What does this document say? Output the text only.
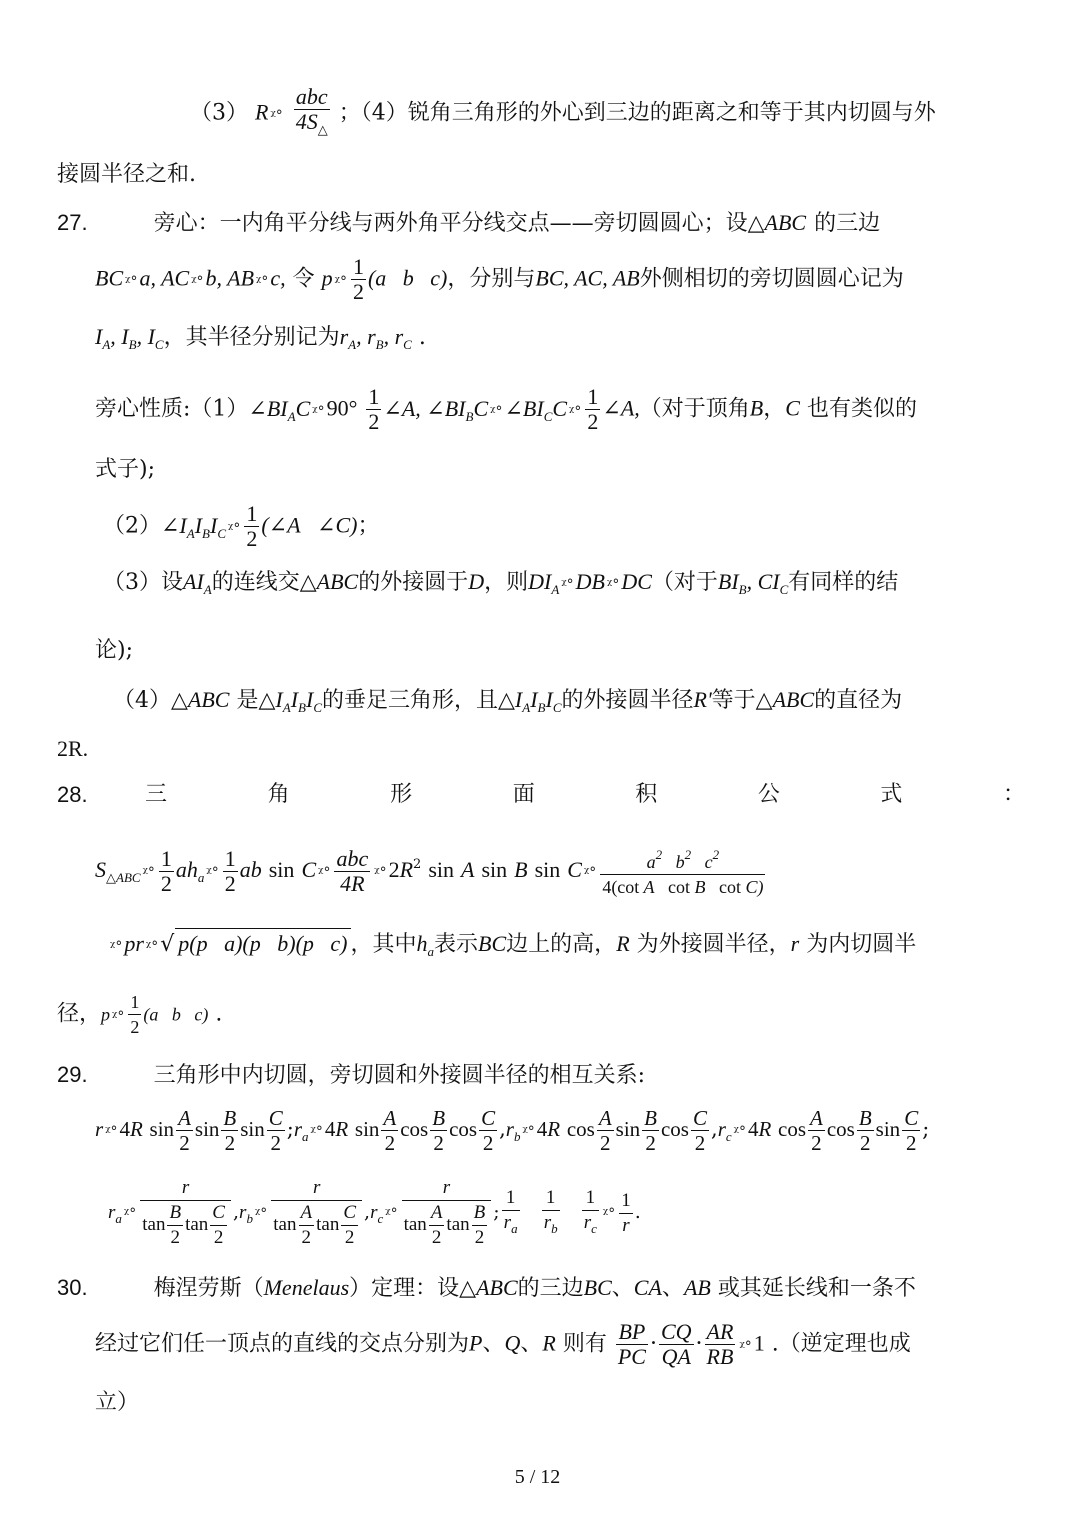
（3） R ᵡ° $\frac{\text{abc}}{4S_\triangle}$ ；（4）锐角三角形的外心到三边的距离之和等于其内切圆与外
接圆半径之和.
27.	旁心：一内角平分线与两外角平分线交点——旁切圆圆心；设△ABC 的三边
BC ᵡ°a, AC ᵡ°b, AB ᵡ°c, 令 p ᵡ° $\frac{1}{2} (a$   b   c)，分别与BC, AC, AB外侧相切的旁切圆圆心记为
$I_A$, $I_B$, $I_C$，其半径分别记为$r_A$, $r_B$, $r_C$ .
旁心性质$:(1)\angle BI_AC$ ᵡ°90° $\frac{1}{2}$ ∠A, $\angle BI_BC$ $ᵡ^\circ\angle BI_CC$ ᵡ° $\frac{1}{2}$ ∠A,（对于顶角B，C 也有类似的
式子);
$(2)\angle I_AI_BI_C$ ᵡ° $\frac{1}{2}$ (∠A   ∠C)；
（3）设$AI_A$的连线交△ABC的外接圆于D，则$DI_A$ ᵡ°DB ᵡ°DC（对于$BI_B$, $CI_C$有同样的结
论);
（4）△ABC 是$\triangle I_AI_BI_C$的垂足三角形，且$\triangle I_AI_BI_C$的外接圆半径R'等于△ABC的直径为
2R.
28.	三	角	形	面	积	公	式	：
$S_{\triangle ABC}$ ᵡ° $\frac{1}{2} ah_a$ ᵡ° $\frac{1}{2}$ ab sin C ᵡ° $\frac{\text{abc}}{4R}$ $ᵡ^\circ 2R^2$ sin A sin B sin C ᵡ° $\frac{a^2 b^2 c^2}{\text{4(cot A   cot B   cot C)}}$
ᵡ°pr ᵡ°√ p(p   a)(p   b)(p   c) ，其中$h_a$表示BC边上的高，R 为外接圆半径，r 为内切圆半
径，p ᵡ° $\frac{1}{2} (a$   b   c) .
29.	三角形中内切圆，旁切圆和外接圆半径的相互关系:
r ᵡ°4R $\sin \frac{A}{2}$ $\sin \frac{B}{2}$ $\sin \frac{C}{2}$ $;r_a$ ᵡ°4R $\sin \frac{A}{2}$ $\cos \frac{B}{2}$ $\cos \frac{C}{2} ,r_b$ ᵡ°4R $\cos \frac{A}{2}$ $\sin \frac{B}{2}$ $\cos \frac{C}{2} ,r_c$ ᵡ°4R $\cos \frac{A}{2}$ $\cos \frac{B}{2}$ $\sin \frac{C}{2}$ ;
$r_a$ ᵡ° $\frac{r}{\tan \frac{B}{2} \tan \frac{C}{2}} ,r_b$ ᵡ° $\frac{r}{\tan \frac{A}{2} \tan \frac{C}{2}} ,r_c$ ᵡ° $\frac{r}{\tan \frac{A}{2} \tan \frac{B}{2}}$ ; $\frac{1}{r_a}$
$\frac{1}{r_b}$
$\frac{1}{r_c}$ ᵡ° $\frac{1}{r}$ .
30.	梅涅劳斯（Menelaus）定理：设△ABC的三边BC、CA、AB 或其延长线和一条不
经过它们任一顶点的直线的交点分别为P、Q、R 则有 $\frac{BP}{PC} \cdot \frac{CQ}{QA} \cdot \frac{AR}{RB}$ ᵡ°1 .（逆定理也成
立）
5 / 12
